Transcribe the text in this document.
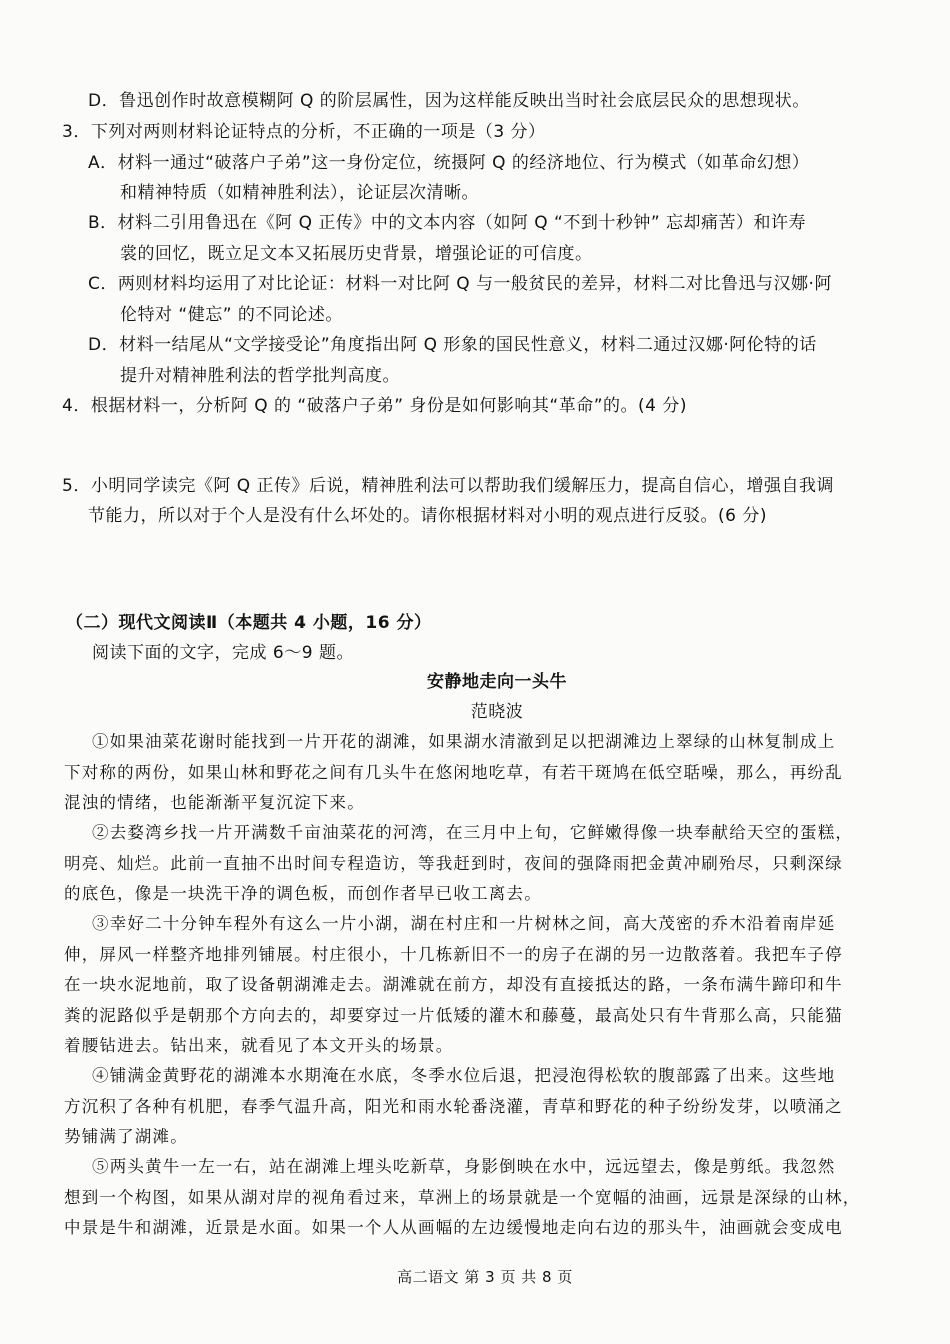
D．鲁迅创作时故意模糊阿 Q 的阶层属性，因为这样能反映出当时社会底层民众的思想现状。
3．下列对两则材料论证特点的分析，不正确的一项是（3 分）
A．材料一通过“破落户子弟”这一身份定位，统摄阿 Q 的经济地位、行为模式（如革命幻想）
和精神特质（如精神胜利法），论证层次清晰。
B．材料二引用鲁迅在《阿 Q 正传》中的文本内容（如阿 Q “不到十秒钟” 忘却痛苦）和许寿
裳的回忆，既立足文本又拓展历史背景，增强论证的可信度。
C．两则材料均运用了对比论证：材料一对比阿 Q 与一般贫民的差异，材料二对比鲁迅与汉娜·阿
伦特对 “健忘” 的不同论述。
D．材料一结尾从“文学接受论”角度指出阿 Q 形象的国民性意义，材料二通过汉娜·阿伦特的话
提升对精神胜利法的哲学批判高度。
4．根据材料一，分析阿 Q 的 “破落户子弟” 身份是如何影响其“革命”的。(4 分)
5．小明同学读完《阿 Q 正传》后说，精神胜利法可以帮助我们缓解压力，提高自信心，增强自我调
节能力，所以对于个人是没有什么坏处的。请你根据材料对小明的观点进行反驳。(6 分)
（二）现代文阅读Ⅱ（本题共 4 小题，16 分）
阅读下面的文字，完成 6～9 题。
安静地走向一头牛
范晓波
①如果油菜花谢时能找到一片开花的湖滩，如果湖水清澈到足以把湖滩边上翠绿的山林复制成上
下对称的两份，如果山林和野花之间有几头牛在悠闲地吃草，有若干斑鸠在低空聒噪，那么，再纷乱
混浊的情绪，也能渐渐平复沉淀下来。
②去婺湾乡找一片开满数千亩油菜花的河湾，在三月中上旬，它鲜嫩得像一块奉献给天空的蛋糕，
明亮、灿烂。此前一直抽不出时间专程造访，等我赶到时，夜间的强降雨把金黄冲刷殆尽，只剩深绿
的底色，像是一块洗干净的调色板，而创作者早已收工离去。
③幸好二十分钟车程外有这么一片小湖，湖在村庄和一片树林之间，高大茂密的乔木沿着南岸延
伸，屏风一样整齐地排列铺展。村庄很小，十几栋新旧不一的房子在湖的另一边散落着。我把车子停
在一块水泥地前，取了设备朝湖滩走去。湖滩就在前方，却没有直接抵达的路，一条布满牛蹄印和牛
粪的泥路似乎是朝那个方向去的，却要穿过一片低矮的灌木和藤蔓，最高处只有牛背那么高，只能猫
着腰钻进去。钻出来，就看见了本文开头的场景。
④铺满金黄野花的湖滩本水期淹在水底，冬季水位后退，把浸泡得松软的腹部露了出来。这些地
方沉积了各种有机肥，春季气温升高，阳光和雨水轮番浇灌，青草和野花的种子纷纷发芽，以喷涌之
势铺满了湖滩。
⑤两头黄牛一左一右，站在湖滩上埋头吃新草，身影倒映在水中，远远望去，像是剪纸。我忽然
想到一个构图，如果从湖对岸的视角看过来，草洲上的场景就是一个宽幅的油画，远景是深绿的山林，
中景是牛和湖滩，近景是水面。如果一个人从画幅的左边缓慢地走向右边的那头牛，油画就会变成电
高二语文 第 3 页 共 8 页
